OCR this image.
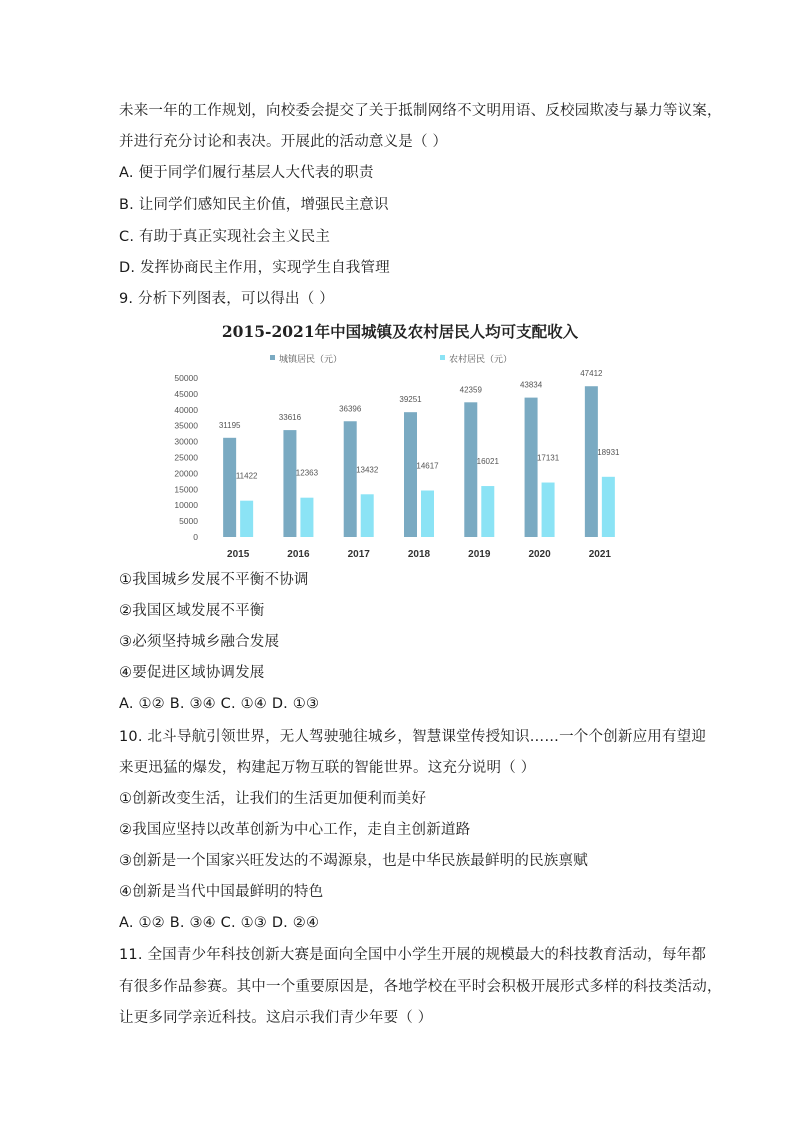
未来一年的工作规划，向校委会提交了关于抵制网络不文明用语、反校园欺凌与暴力等议案，
并进行充分讨论和表决。开展此的活动意义是（ ）
A. 便于同学们履行基层人大代表的职责
B. 让同学们感知民主价值，增强民主意识
C. 有助于真正实现社会主义民主
D. 发挥协商民主作用，实现学生自我管理
9. 分析下列图表，可以得出（ ）
2015-2021年中国城镇及农村居民人均可支配收入
城镇居民（元）	农村居民（元）
0
5000
10000
15000
20000
25000
30000
35000
40000
45000
50000
31195
11422
2015
33616
12363
2016
36396
13432
2017
39251
14617
2018
42359
16021
2019
43834
17131
2020
47412
18931
2021
①我国城乡发展不平衡不协调
②我国区域发展不平衡
③必须坚持城乡融合发展
④要促进区域协调发展
A. ①② B. ③④ C. ①④ D. ①③
10. 北斗导航引领世界，无人驾驶驰往城乡，智慧课堂传授知识……一个个创新应用有望迎
来更迅猛的爆发，构建起万物互联的智能世界。这充分说明（ ）
①创新改变生活，让我们的生活更加便利而美好
②我国应坚持以改革创新为中心工作，走自主创新道路
③创新是一个国家兴旺发达的不竭源泉，也是中华民族最鲜明的民族禀赋
④创新是当代中国最鲜明的特色
A. ①② B. ③④ C. ①③ D. ②④
11. 全国青少年科技创新大赛是面向全国中小学生开展的规模最大的科技教育活动，每年都
有很多作品参赛。其中一个重要原因是，各地学校在平时会积极开展形式多样的科技类活动，
让更多同学亲近科技。这启示我们青少年要（ ）
